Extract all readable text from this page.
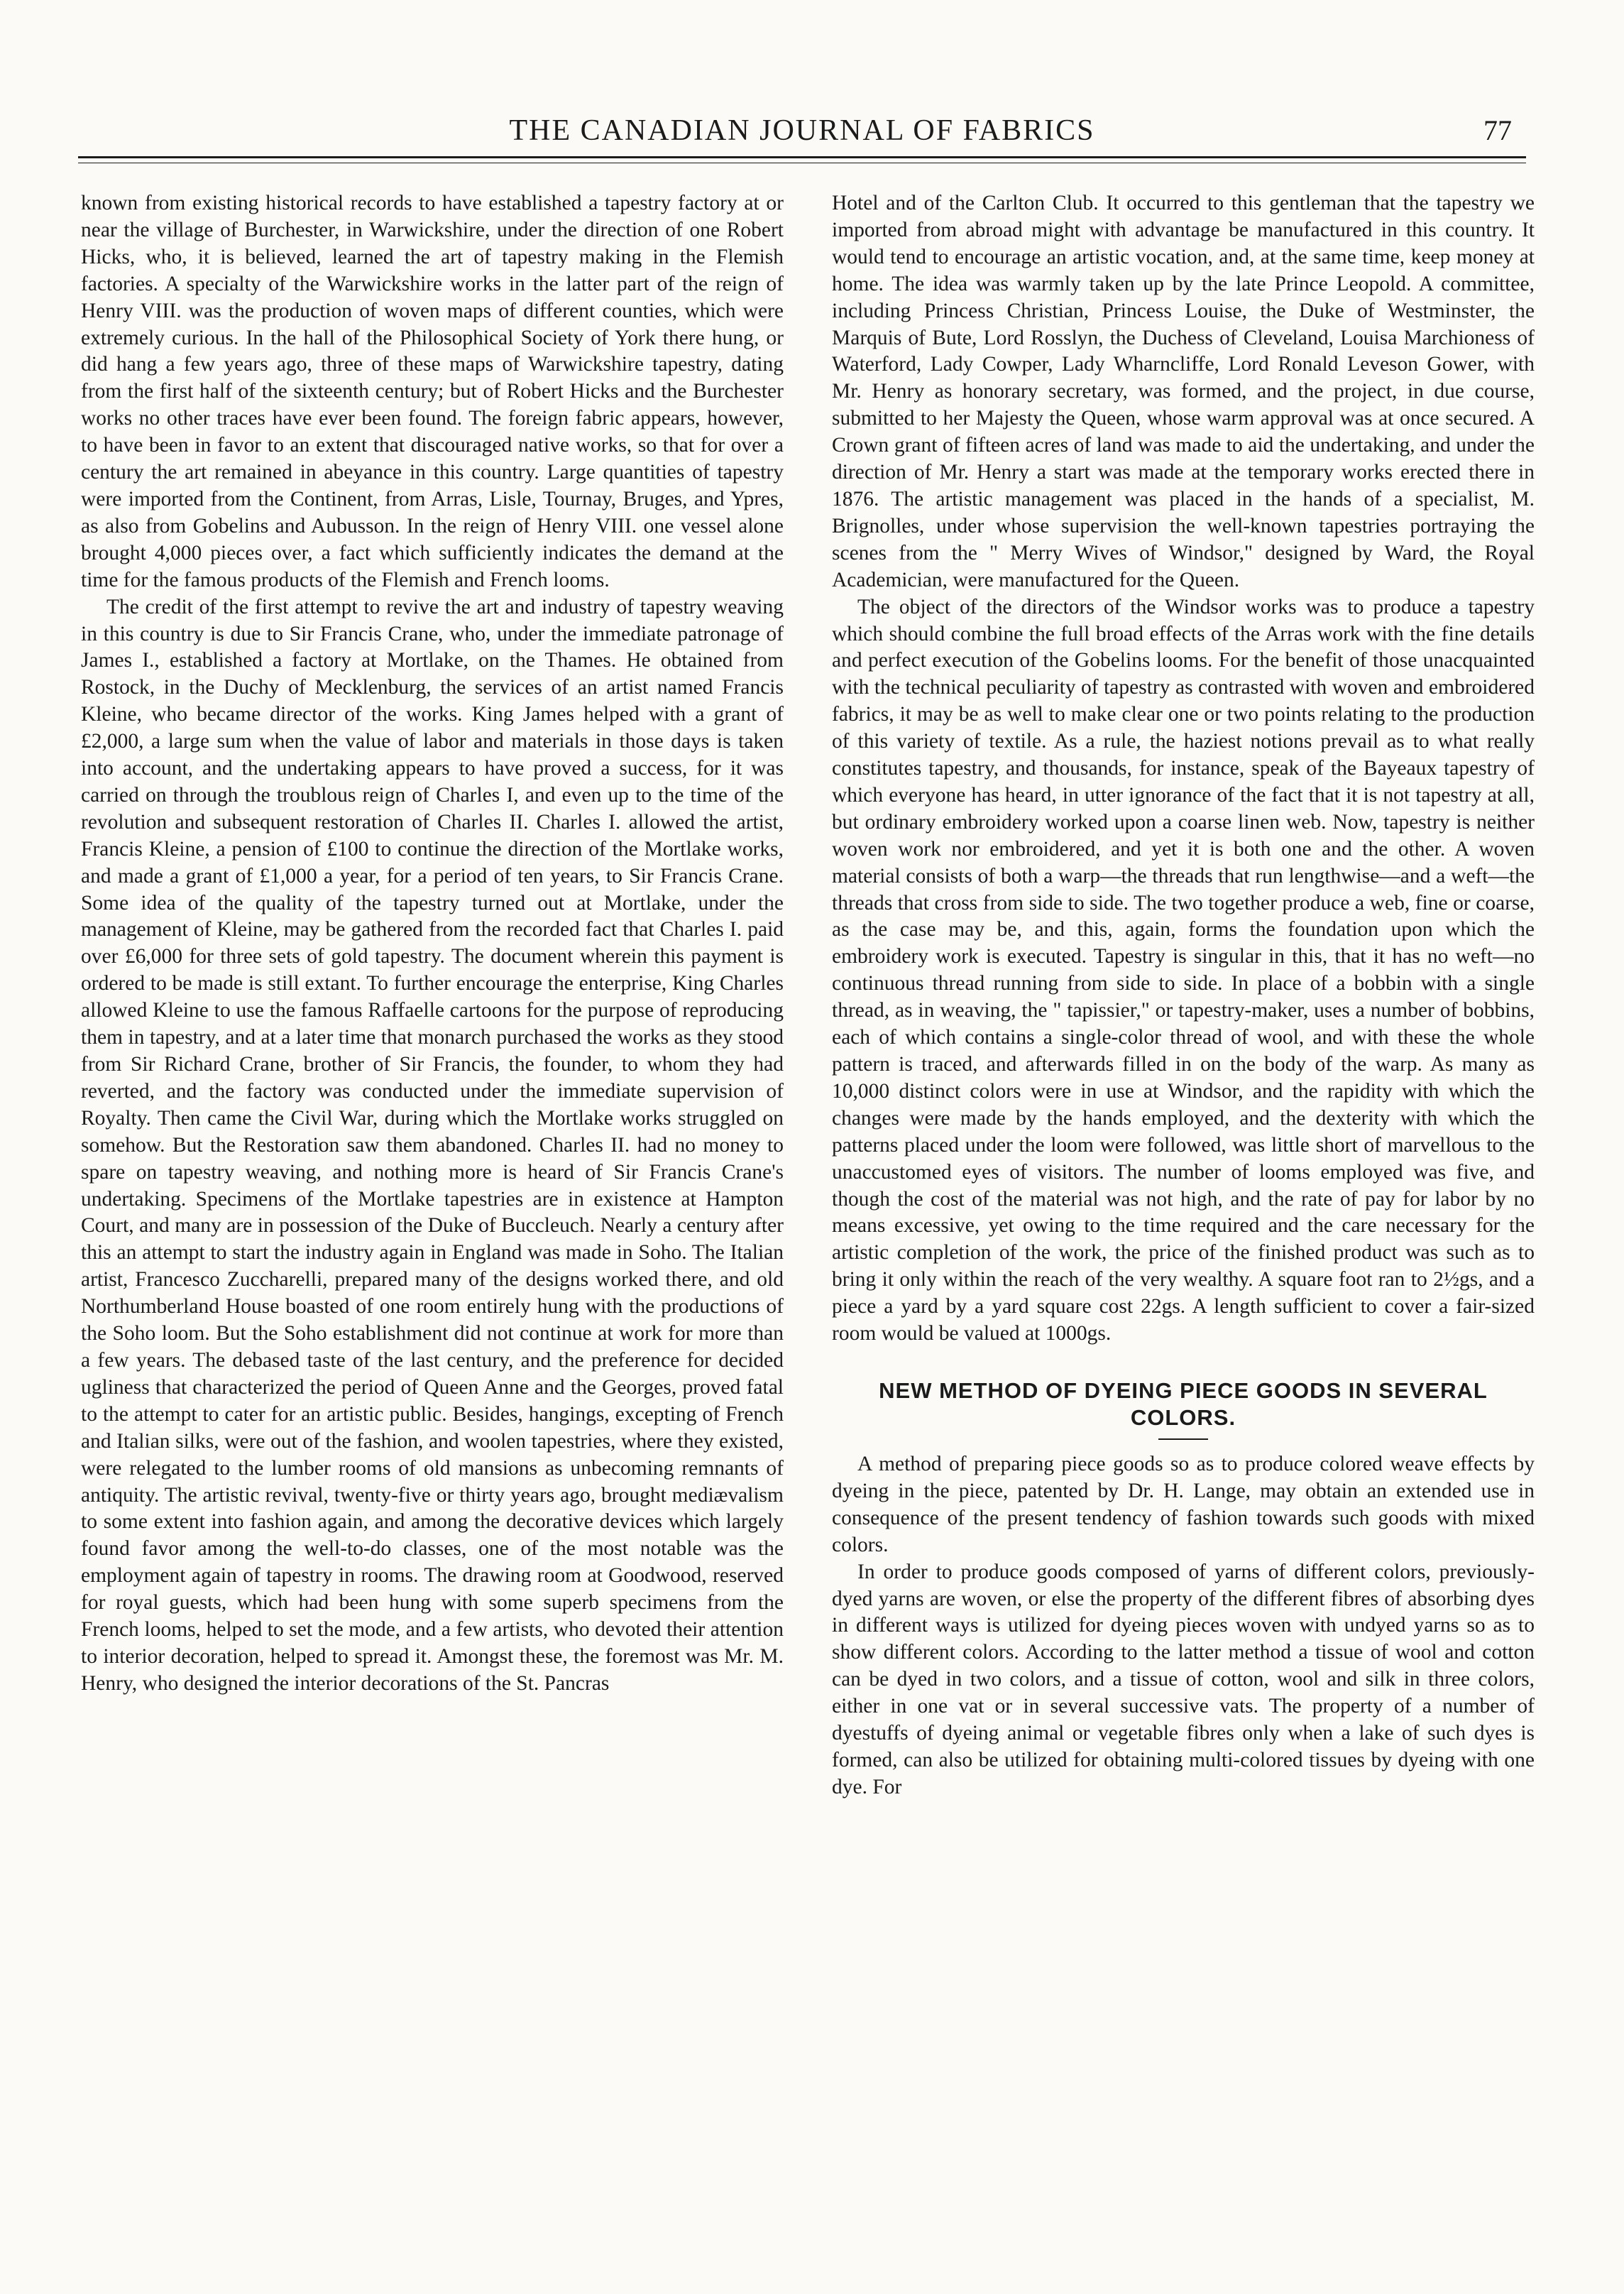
THE CANADIAN JOURNAL OF FABRICS	77

known from existing historical records to have established a tapestry factory at or near the village of Burchester, in Warwickshire, under the direction of one Robert Hicks, who, it is believed, learned the art of tapestry making in the Flemish factories. A specialty of the Warwickshire works in the latter part of the reign of Henry VIII. was the production of woven maps of different counties, which were extremely curious. In the hall of the Philosophical Society of York there hung, or did hang a few years ago, three of these maps of Warwickshire tapestry, dating from the first half of the sixteenth century; but of Robert Hicks and the Burchester works no other traces have ever been found. The foreign fabric appears, however, to have been in favor to an extent that discouraged native works, so that for over a century the art remained in abeyance in this country. Large quantities of tapestry were imported from the Continent, from Arras, Lisle, Tournay, Bruges, and Ypres, as also from Gobelins and Aubusson. In the reign of Henry VIII. one vessel alone brought 4,000 pieces over, a fact which sufficiently indicates the demand at the time for the famous products of the Flemish and French looms.

The credit of the first attempt to revive the art and industry of tapestry weaving in this country is due to Sir Francis Crane, who, under the immediate patronage of James I., established a factory at Mortlake, on the Thames. He obtained from Rostock, in the Duchy of Mecklenburg, the services of an artist named Francis Kleine, who became director of the works. King James helped with a grant of £2,000, a large sum when the value of labor and materials in those days is taken into account, and the undertaking appears to have proved a success, for it was carried on through the troublous reign of Charles I, and even up to the time of the revolution and subsequent restoration of Charles II. Charles I. allowed the artist, Francis Kleine, a pension of £100 to continue the direction of the Mortlake works, and made a grant of £1,000 a year, for a period of ten years, to Sir Francis Crane. Some idea of the quality of the tapestry turned out at Mortlake, under the management of Kleine, may be gathered from the recorded fact that Charles I. paid over £6,000 for three sets of gold tapestry. The document wherein this payment is ordered to be made is still extant. To further encourage the enterprise, King Charles allowed Kleine to use the famous Raffaelle cartoons for the purpose of reproducing them in tapestry, and at a later time that monarch purchased the works as they stood from Sir Richard Crane, brother of Sir Francis, the founder, to whom they had reverted, and the factory was conducted under the immediate supervision of Royalty. Then came the Civil War, during which the Mortlake works struggled on somehow. But the Restoration saw them abandoned. Charles II. had no money to spare on tapestry weaving, and nothing more is heard of Sir Francis Crane's undertaking. Specimens of the Mortlake tapestries are in existence at Hampton Court, and many are in possession of the Duke of Buccleuch. Nearly a century after this an attempt to start the industry again in England was made in Soho. The Italian artist, Francesco Zuccharelli, prepared many of the designs worked there, and old Northumberland House boasted of one room entirely hung with the productions of the Soho loom. But the Soho establishment did not continue at work for more than a few years. The debased taste of the last century, and the preference for decided ugliness that characterized the period of Queen Anne and the Georges, proved fatal to the attempt to cater for an artistic public. Besides, hangings, excepting of French and Italian silks, were out of the fashion, and woolen tapestries, where they existed, were relegated to the lumber rooms of old mansions as unbecoming remnants of antiquity. The artistic revival, twenty-five or thirty years ago, brought mediævalism to some extent into fashion again, and among the decorative devices which largely found favor among the well-to-do classes, one of the most notable was the employment again of tapestry in rooms. The drawing room at Goodwood, reserved for royal guests, which had been hung with some superb specimens from the French looms, helped to set the mode, and a few artists, who devoted their attention to interior decoration, helped to spread it. Amongst these, the foremost was Mr. M. Henry, who designed the interior decorations of the St. Pancras

Hotel and of the Carlton Club. It occurred to this gentleman that the tapestry we imported from abroad might with advantage be manufactured in this country. It would tend to encourage an artistic vocation, and, at the same time, keep money at home. The idea was warmly taken up by the late Prince Leopold. A committee, including Princess Christian, Princess Louise, the Duke of Westminster, the Marquis of Bute, Lord Rosslyn, the Duchess of Cleveland, Louisa Marchioness of Waterford, Lady Cowper, Lady Wharncliffe, Lord Ronald Leveson Gower, with Mr. Henry as honorary secretary, was formed, and the project, in due course, submitted to her Majesty the Queen, whose warm approval was at once secured. A Crown grant of fifteen acres of land was made to aid the undertaking, and under the direction of Mr. Henry a start was made at the temporary works erected there in 1876. The artistic management was placed in the hands of a specialist, M. Brignolles, under whose supervision the well-known tapestries portraying the scenes from the " Merry Wives of Windsor," designed by Ward, the Royal Academician, were manufactured for the Queen.

The object of the directors of the Windsor works was to produce a tapestry which should combine the full broad effects of the Arras work with the fine details and perfect execution of the Gobelins looms. For the benefit of those unacquainted with the technical peculiarity of tapestry as contrasted with woven and embroidered fabrics, it may be as well to make clear one or two points relating to the production of this variety of textile. As a rule, the haziest notions prevail as to what really constitutes tapestry, and thousands, for instance, speak of the Bayeaux tapestry of which everyone has heard, in utter ignorance of the fact that it is not tapestry at all, but ordinary embroidery worked upon a coarse linen web. Now, tapestry is neither woven work nor embroidered, and yet it is both one and the other. A woven material consists of both a warp—the threads that run lengthwise—and a weft—the threads that cross from side to side. The two together produce a web, fine or coarse, as the case may be, and this, again, forms the foundation upon which the embroidery work is executed. Tapestry is singular in this, that it has no weft—no continuous thread running from side to side. In place of a bobbin with a single thread, as in weaving, the " tapissier," or tapestry-maker, uses a number of bobbins, each of which contains a single-color thread of wool, and with these the whole pattern is traced, and afterwards filled in on the body of the warp. As many as 10,000 distinct colors were in use at Windsor, and the rapidity with which the changes were made by the hands employed, and the dexterity with which the patterns placed under the loom were followed, was little short of marvellous to the unaccustomed eyes of visitors. The number of looms employed was five, and though the cost of the material was not high, and the rate of pay for labor by no means excessive, yet owing to the time required and the care necessary for the artistic completion of the work, the price of the finished product was such as to bring it only within the reach of the very wealthy. A square foot ran to 2½gs, and a piece a yard by a yard square cost 22gs. A length sufficient to cover a fair-sized room would be valued at 1000gs.

NEW METHOD OF DYEING PIECE GOODS IN SEVERAL COLORS.

A method of preparing piece goods so as to produce colored weave effects by dyeing in the piece, patented by Dr. H. Lange, may obtain an extended use in consequence of the present tendency of fashion towards such goods with mixed colors.

In order to produce goods composed of yarns of different colors, previously-dyed yarns are woven, or else the property of the different fibres of absorbing dyes in different ways is utilized for dyeing pieces woven with undyed yarns so as to show different colors. According to the latter method a tissue of wool and cotton can be dyed in two colors, and a tissue of cotton, wool and silk in three colors, either in one vat or in several successive vats. The property of a number of dyestuffs of dyeing animal or vegetable fibres only when a lake of such dyes is formed, can also be utilized for obtaining multi-colored tissues by dyeing with one dye. For
